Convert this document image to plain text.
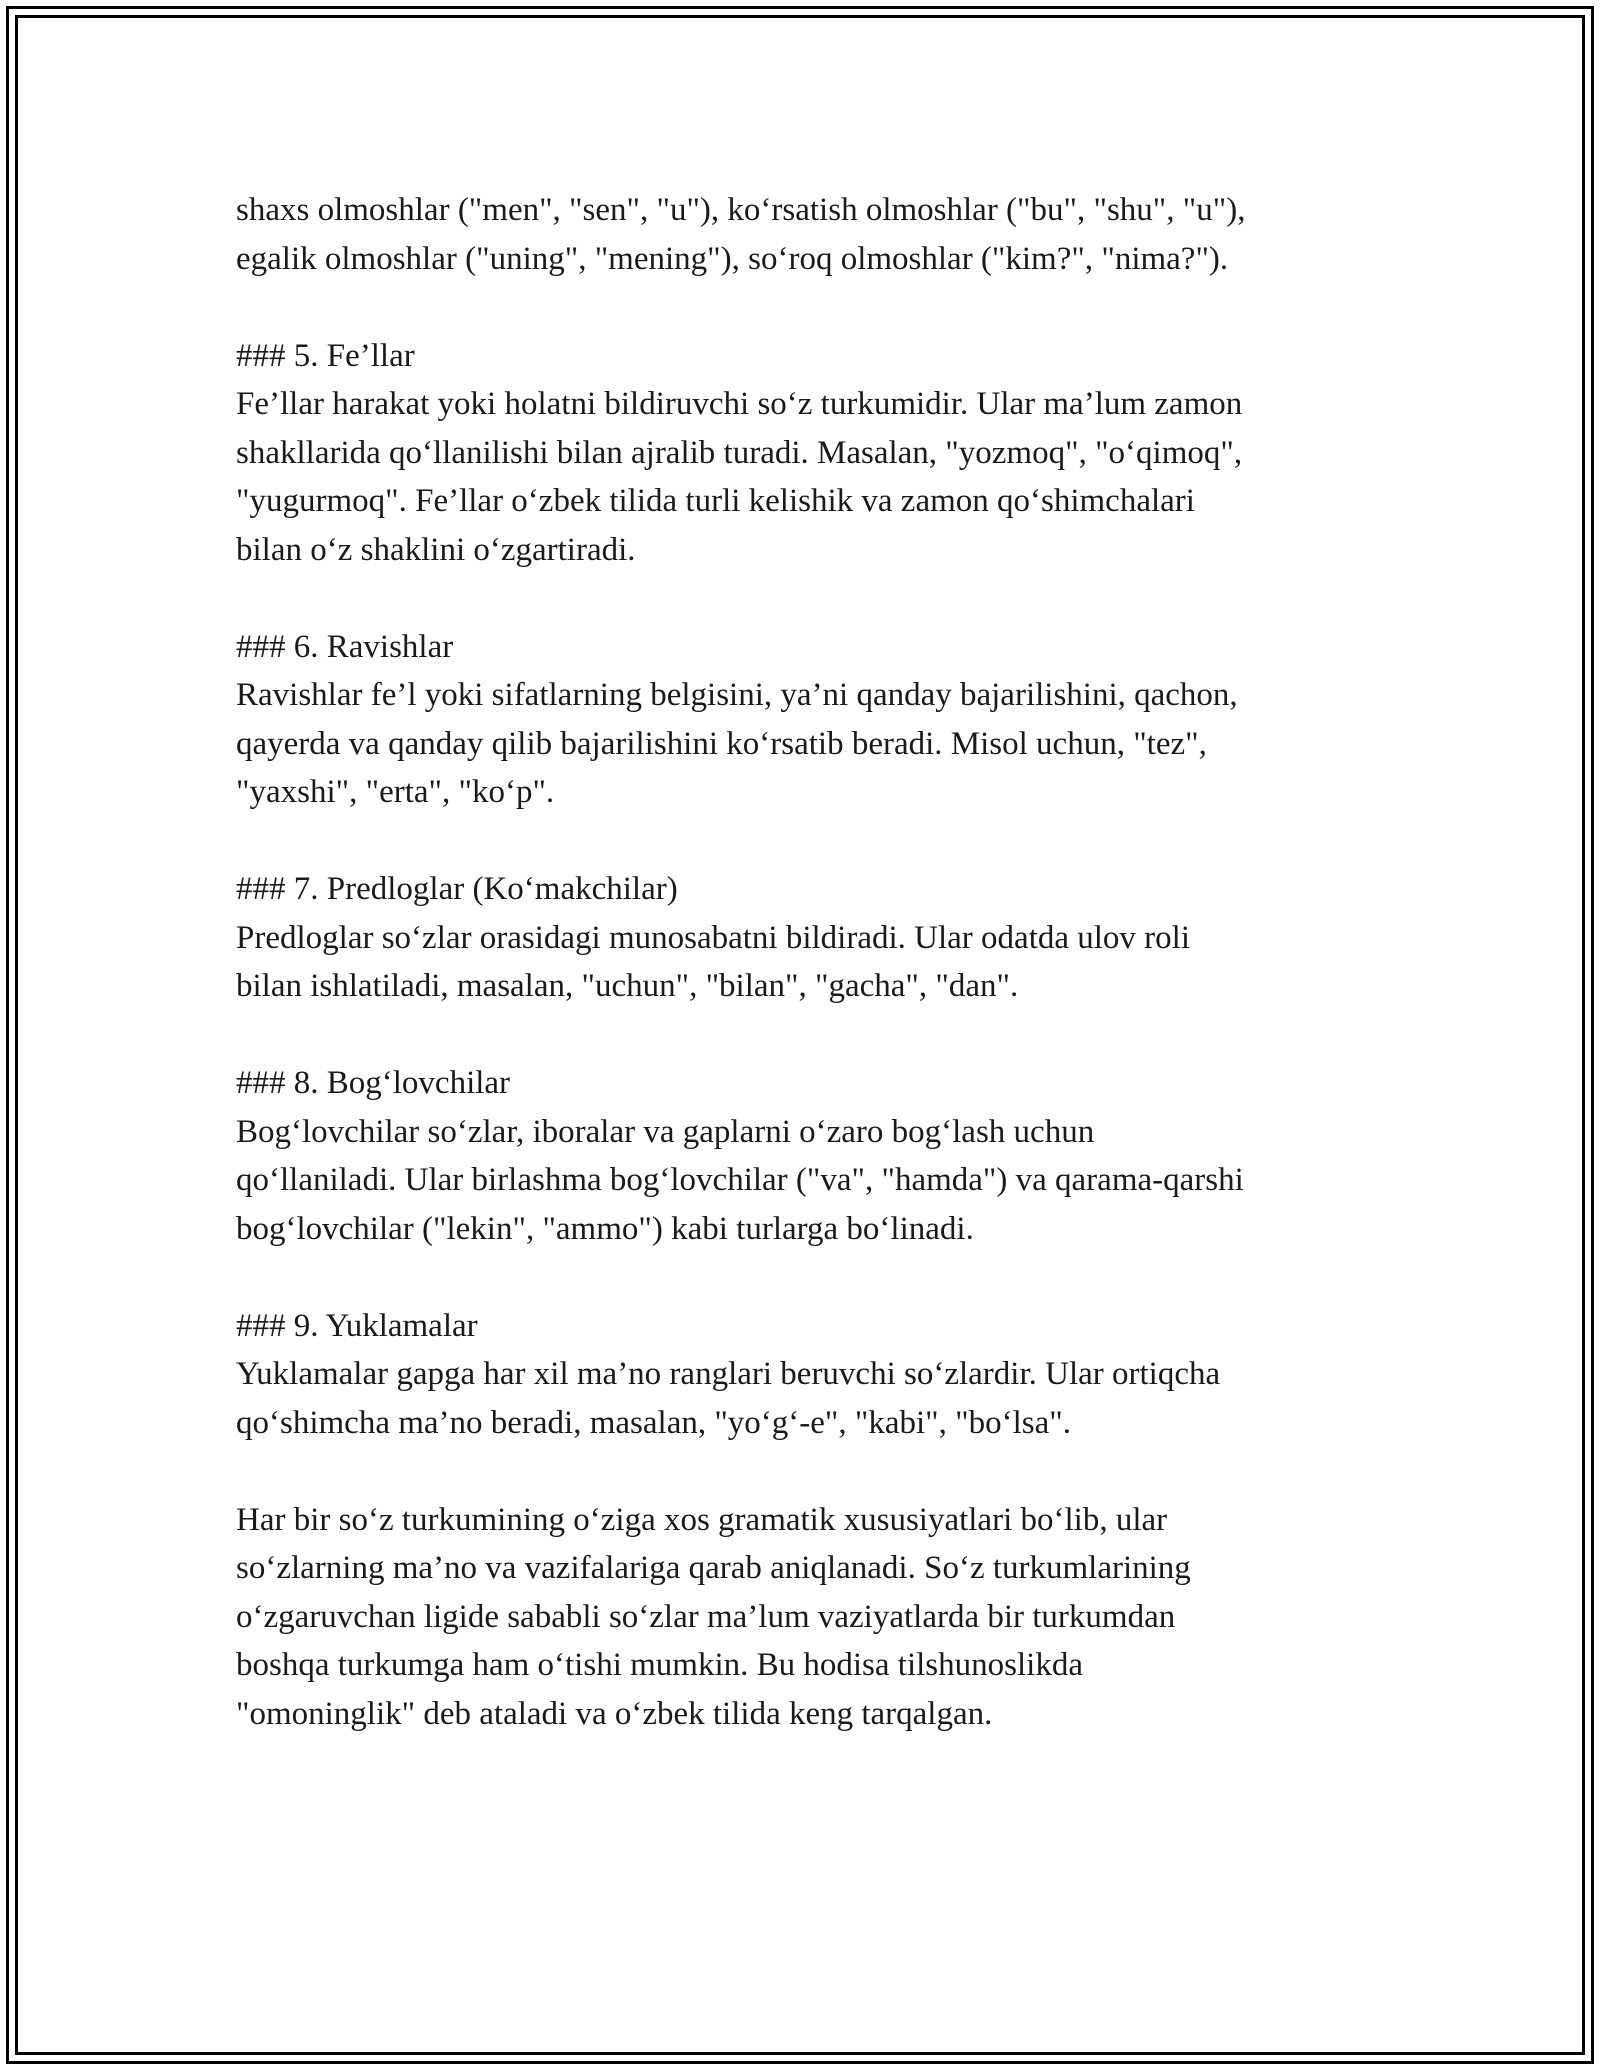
shaxs olmoshlar ("men", "sen", "u"), ko‘rsatish olmoshlar ("bu", "shu", "u"),
egalik olmoshlar ("uning", "mening"), so‘roq olmoshlar ("kim?", "nima?").
### 5. Fe’llar
Fe’llar harakat yoki holatni bildiruvchi so‘z turkumidir. Ular ma’lum zamon
shakllarida qo‘llanilishi bilan ajralib turadi. Masalan, "yozmoq", "o‘qimoq",
"yugurmoq". Fe’llar o‘zbek tilida turli kelishik va zamon qo‘shimchalari
bilan o‘z shaklini o‘zgartiradi.
### 6. Ravishlar
Ravishlar fe’l yoki sifatlarning belgisini, ya’ni qanday bajarilishini, qachon,
qayerda va qanday qilib bajarilishini ko‘rsatib beradi. Misol uchun, "tez",
"yaxshi", "erta", "ko‘p".
### 7. Predloglar (Ko‘makchilar)
Predloglar so‘zlar orasidagi munosabatni bildiradi. Ular odatda ulov roli
bilan ishlatiladi, masalan, "uchun", "bilan", "gacha", "dan".
### 8. Bog‘lovchilar
Bog‘lovchilar so‘zlar, iboralar va gaplarni o‘zaro bog‘lash uchun
qo‘llaniladi. Ular birlashma bog‘lovchilar ("va", "hamda") va qarama-qarshi
bog‘lovchilar ("lekin", "ammo") kabi turlarga bo‘linadi.
### 9. Yuklamalar
Yuklamalar gapga har xil ma’no ranglari beruvchi so‘zlardir. Ular ortiqcha
qo‘shimcha ma’no beradi, masalan, "yo‘g‘-e", "kabi", "bo‘lsa".
Har bir so‘z turkumining o‘ziga xos gramatik xususiyatlari bo‘lib, ular
so‘zlarning ma’no va vazifalariga qarab aniqlanadi. So‘z turkumlarining
o‘zgaruvchan ligide sababli so‘zlar ma’lum vaziyatlarda bir turkumdan
boshqa turkumga ham o‘tishi mumkin. Bu hodisa tilshunoslikda
"omoninglik" deb ataladi va o‘zbek tilida keng tarqalgan.
